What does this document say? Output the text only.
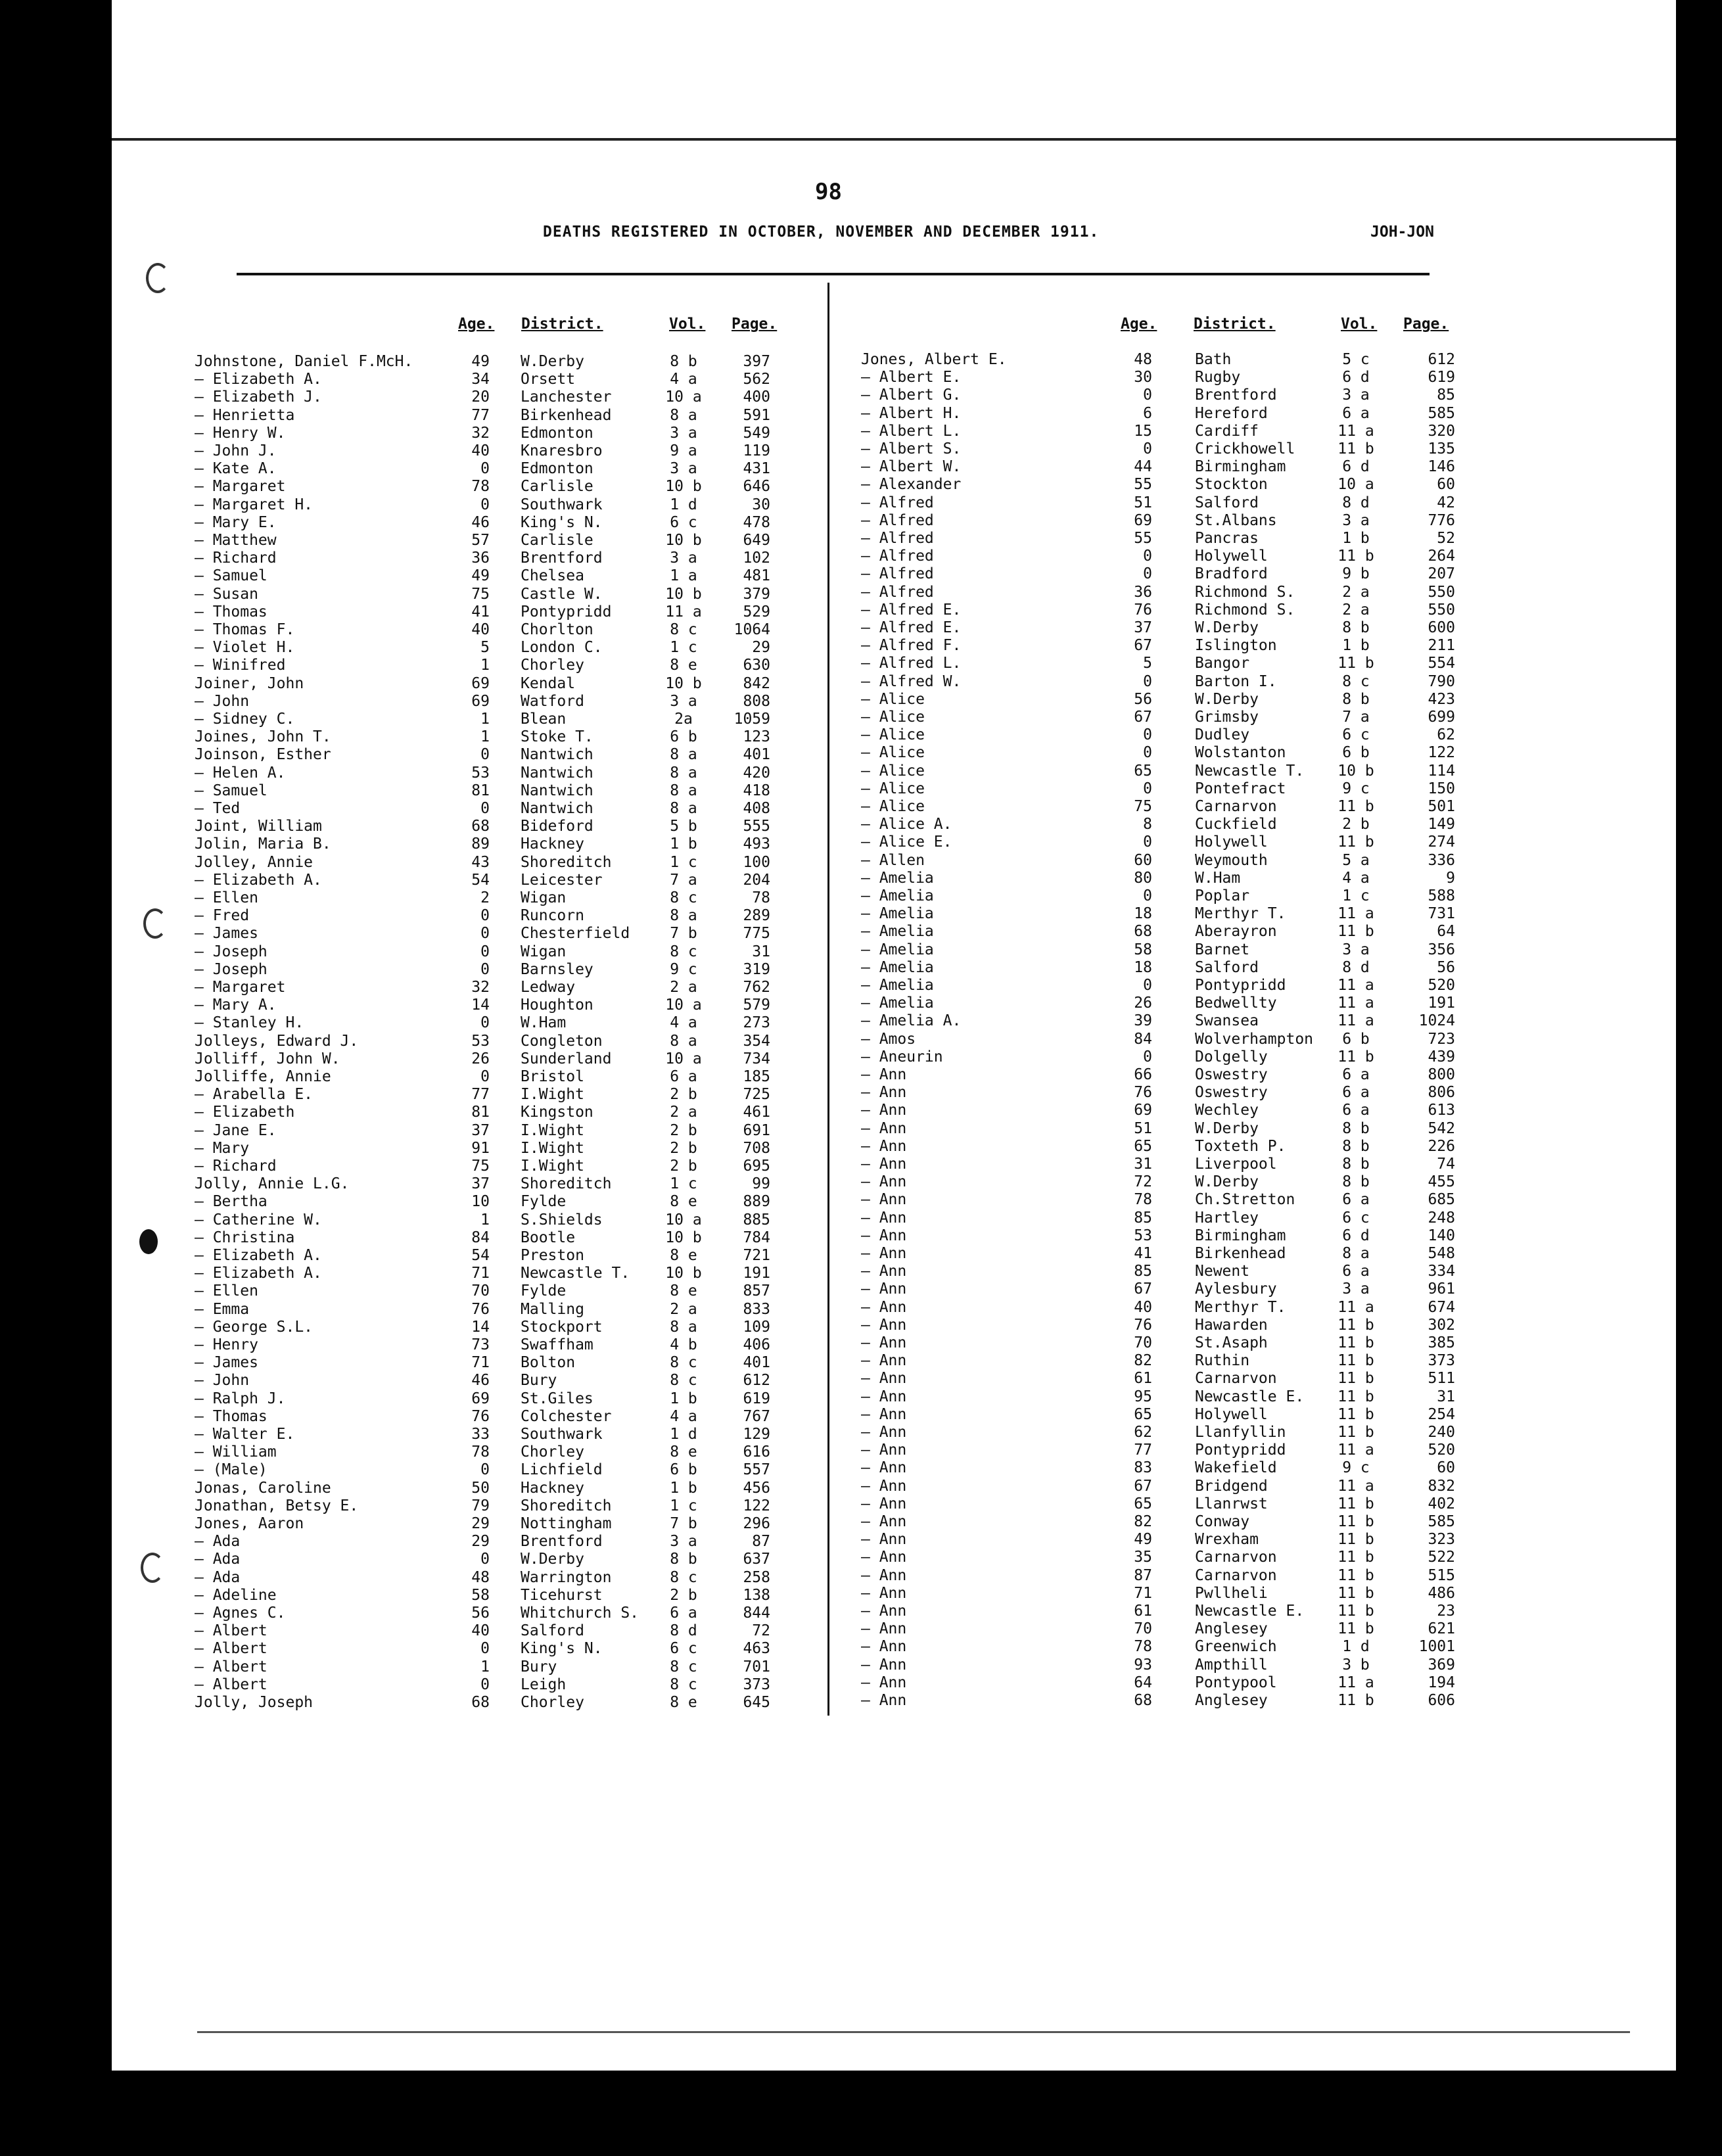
98
DEATHS REGISTERED IN OCTOBER, NOVEMBER AND DECEMBER 1911.	JOH-JON
Age. District.	Vol. Page.	Age. District.	Vol. Page.
Johnstone, Daniel F.McH.	49 W.Derby	8 b	397
— Elizabeth A.	34 Orsett	4 a	562
— Elizabeth J.	20 Lanchester	10 a	400
— Henrietta	77 Birkenhead	8 a	591
— Henry W.	32 Edmonton	3 a	549
— John J.	40 Knaresbro	9 a	119
— Kate A.	0 Edmonton	3 a	431
— Margaret	78 Carlisle	10 b	646
— Margaret H.	0 Southwark	1 d	30
— Mary E.	46 King's N.	6 c	478
— Matthew	57 Carlisle	10 b	649
— Richard	36 Brentford	3 a	102
— Samuel	49 Chelsea	1 a	481
— Susan	75 Castle W.	10 b	379
— Thomas	41 Pontypridd	11 a	529
— Thomas F.	40 Chorlton	8 c	1064
— Violet H.	5 London C.	1 c	29
— Winifred	1 Chorley	8 e	630
Joiner, John	69 Kendal	10 b	842
— John	69 Watford	3 a	808
— Sidney C.	1 Blean	2a	1059
Joines, John T.	1 Stoke T.	6 b	123
Joinson, Esther	0 Nantwich	8 a	401
— Helen A.	53 Nantwich	8 a	420
— Samuel	81 Nantwich	8 a	418
— Ted	0 Nantwich	8 a	408
Joint, William	68 Bideford	5 b	555
Jolin, Maria B.	89 Hackney	1 b	493
Jolley, Annie	43 Shoreditch	1 c	100
— Elizabeth A.	54 Leicester	7 a	204
— Ellen	2 Wigan	8 c	78
— Fred	0 Runcorn	8 a	289
— James	0 Chesterfield	7 b	775
— Joseph	0 Wigan	8 c	31
— Joseph	0 Barnsley	9 c	319
— Margaret	32 Ledway	2 a	762
— Mary A.	14 Houghton	10 a	579
— Stanley H.	0 W.Ham	4 a	273
Jolleys, Edward J.	53 Congleton	8 a	354
Jolliff, John W.	26 Sunderland	10 a	734
Jolliffe, Annie	0 Bristol	6 a	185
— Arabella E.	77 I.Wight	2 b	725
— Elizabeth	81 Kingston	2 a	461
— Jane E.	37 I.Wight	2 b	691
— Mary	91 I.Wight	2 b	708
— Richard	75 I.Wight	2 b	695
Jolly, Annie L.G.	37 Shoreditch	1 c	99
— Bertha	10 Fylde	8 e	889
— Catherine W.	1 S.Shields	10 a	885
— Christina	84 Bootle	10 b	784
— Elizabeth A.	54 Preston	8 e	721
— Elizabeth A.	71 Newcastle T.	10 b	191
— Ellen	70 Fylde	8 e	857
— Emma	76 Malling	2 a	833
— George S.L.	14 Stockport	8 a	109
— Henry	73 Swaffham	4 b	406
— James	71 Bolton	8 c	401
— John	46 Bury	8 c	612
— Ralph J.	69 St.Giles	1 b	619
— Thomas	76 Colchester	4 a	767
— Walter E.	33 Southwark	1 d	129
— William	78 Chorley	8 e	616
— (Male)	0 Lichfield	6 b	557
Jonas, Caroline	50 Hackney	1 b	456
Jonathan, Betsy E.	79 Shoreditch	1 c	122
Jones, Aaron	29 Nottingham	7 b	296
— Ada	29 Brentford	3 a	87
— Ada	0 W.Derby	8 b	637
— Ada	48 Warrington	8 c	258
— Adeline	58 Ticehurst	2 b	138
— Agnes C.	56 Whitchurch S.	6 a	844
— Albert	40 Salford	8 d	72
— Albert	0 King's N.	6 c	463
— Albert	1 Bury	8 c	701
— Albert	0 Leigh	8 c	373
Jolly, Joseph	68 Chorley	8 e	645
Jones, Albert E.	48	Bath	5 c	612
— Albert E.	30	Rugby	6 d	619
— Albert G.	0	Brentford	3 a	85
— Albert H.	6	Hereford	6 a	585
— Albert L.	15	Cardiff	11 a	320
— Albert S.	0	Crickhowell	11 b	135
— Albert W.	44	Birmingham	6 d	146
— Alexander	55	Stockton	10 a	60
— Alfred	51	Salford	8 d	42
— Alfred	69	St.Albans	3 a	776
— Alfred	55	Pancras	1 b	52
— Alfred	0	Holywell	11 b	264
— Alfred	0	Bradford	9 b	207
— Alfred	36	Richmond S.	2 a	550
— Alfred E.	76	Richmond S.	2 a	550
— Alfred E.	37	W.Derby	8 b	600
— Alfred F.	67	Islington	1 b	211
— Alfred L.	5	Bangor	11 b	554
— Alfred W.	0	Barton I.	8 c	790
— Alice	56	W.Derby	8 b	423
— Alice	67	Grimsby	7 a	699
— Alice	0	Dudley	6 c	62
— Alice	0	Wolstanton	6 b	122
— Alice	65	Newcastle T.	10 b	114
— Alice	0	Pontefract	9 c	150
— Alice	75	Carnarvon	11 b	501
— Alice A.	8	Cuckfield	2 b	149
— Alice E.	0	Holywell	11 b	274
— Allen	60	Weymouth	5 a	336
— Amelia	80	W.Ham	4 a	9
— Amelia	0	Poplar	1 c	588
— Amelia	18	Merthyr T.	11 a	731
— Amelia	68	Aberayron	11 b	64
— Amelia	58	Barnet	3 a	356
— Amelia	18	Salford	8 d	56
— Amelia	0	Pontypridd	11 a	520
— Amelia	26	Bedwellty	11 a	191
— Amelia A.	39	Swansea	11 a	1024
— Amos	84	Wolverhampton	6 b	723
— Aneurin	0	Dolgelly	11 b	439
— Ann	66	Oswestry	6 a	800
— Ann	76	Oswestry	6 a	806
— Ann	69	Wechley	6 a	613
— Ann	51	W.Derby	8 b	542
— Ann	65	Toxteth P.	8 b	226
— Ann	31	Liverpool	8 b	74
— Ann	72	W.Derby	8 b	455
— Ann	78	Ch.Stretton	6 a	685
— Ann	85	Hartley	6 c	248
— Ann	53	Birmingham	6 d	140
— Ann	41	Birkenhead	8 a	548
— Ann	85	Newent	6 a	334
— Ann	67	Aylesbury	3 a	961
— Ann	40	Merthyr T.	11 a	674
— Ann	76	Hawarden	11 b	302
— Ann	70	St.Asaph	11 b	385
— Ann	82	Ruthin	11 b	373
— Ann	61	Carnarvon	11 b	511
— Ann	95	Newcastle E.	11 b	31
— Ann	65	Holywell	11 b	254
— Ann	62	Llanfyllin	11 b	240
— Ann	77	Pontypridd	11 a	520
— Ann	83	Wakefield	9 c	60
— Ann	67	Bridgend	11 a	832
— Ann	65	Llanrwst	11 b	402
— Ann	82	Conway	11 b	585
— Ann	49	Wrexham	11 b	323
— Ann	35	Carnarvon	11 b	522
— Ann	87	Carnarvon	11 b	515
— Ann	71	Pwllheli	11 b	486
— Ann	61	Newcastle E.	11 b	23
— Ann	70	Anglesey	11 b	621
— Ann	78	Greenwich	1 d	1001
— Ann	93	Ampthill	3 b	369
— Ann	64	Pontypool	11 a	194
— Ann	68	Anglesey	11 b	606
